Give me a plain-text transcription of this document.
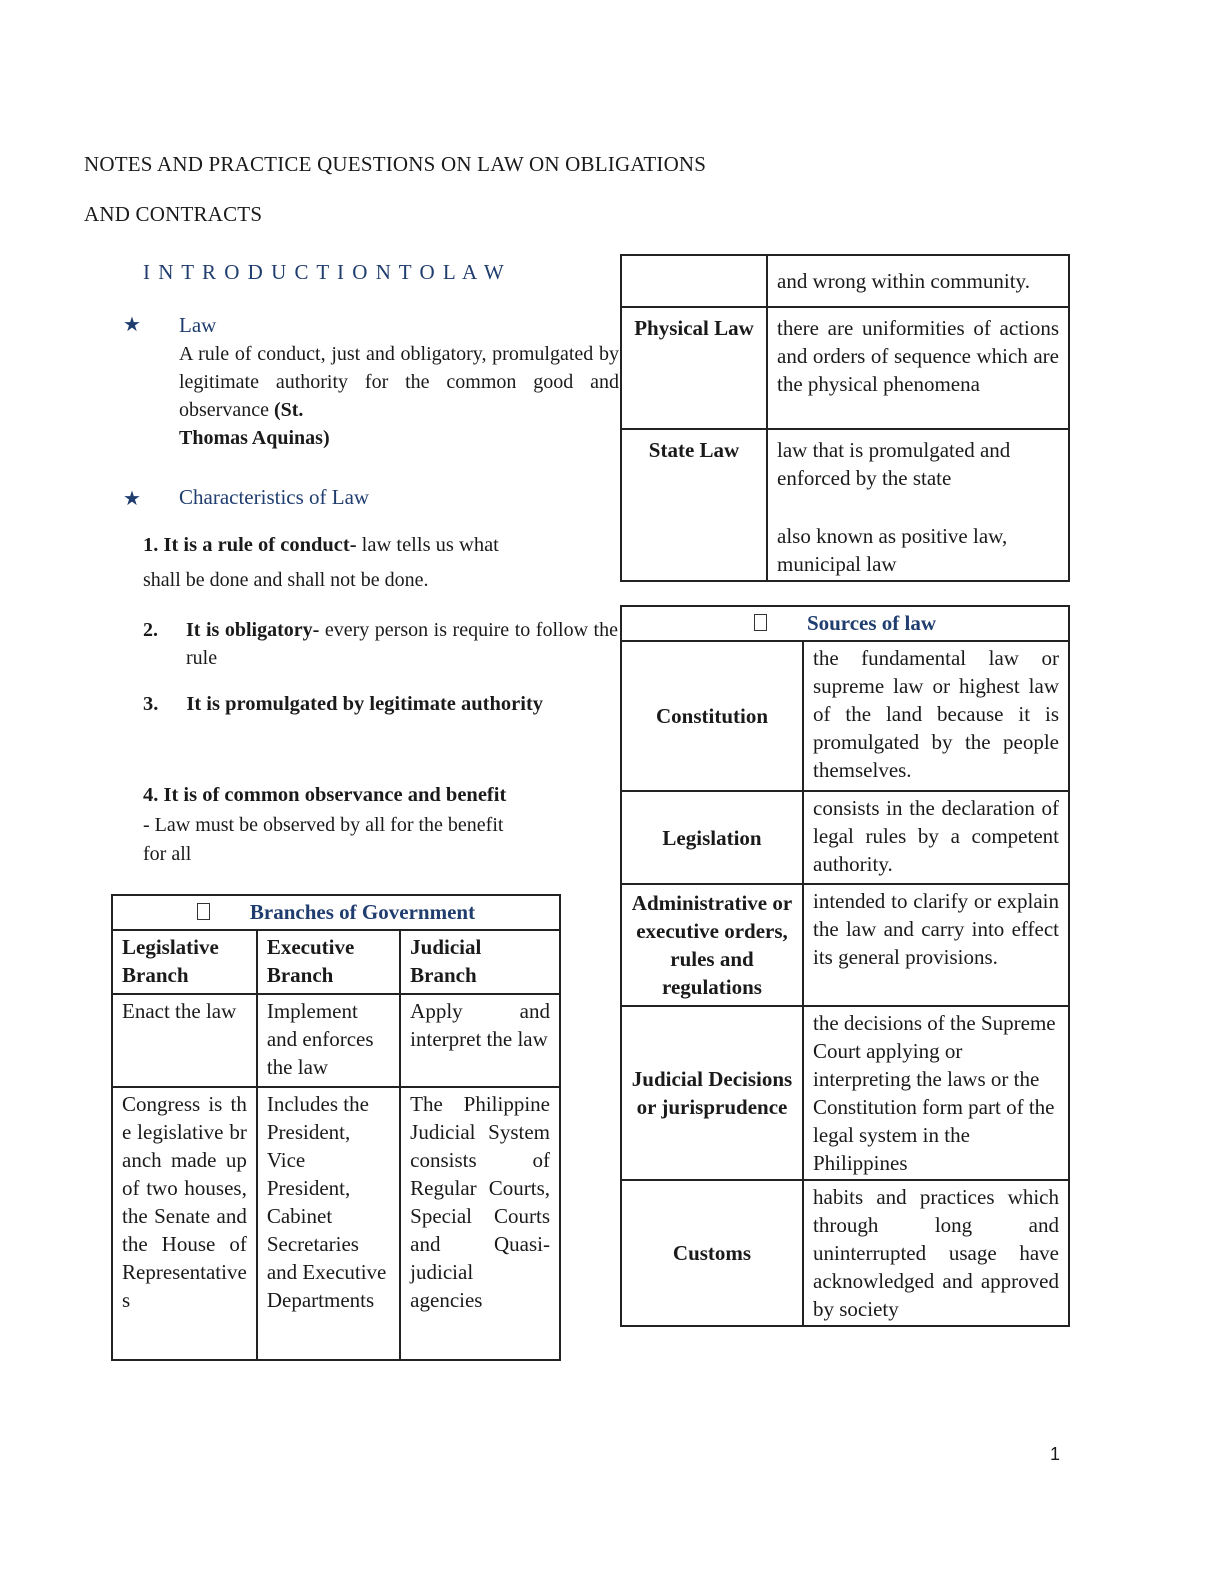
NOTES AND PRACTICE QUESTIONS ON LAW ON OBLIGATIONS
AND CONTRACTS
I N T R O D U C T I O N T O L A W
★ Law
A rule of conduct, just and obligatory, promulgated by legitimate authority for the common good and observance (St.
Thomas Aquinas)
★ Characteristics of Law
1. It is a rule of conduct- law tells us what
shall be done and shall not be done.
2. It is obligatory- every person is require to follow the rule
3. It is promulgated by legitimate authority
4. It is of common observance and benefit
- Law must be observed by all for the benefit
for all
Branches of Government		
Legislative Branch	Executive Branch	Judicial Branch
Enact the law	Implement and enforces the law	Apply and interpret the law
Congress is the legislative branch made up of two houses, the Senate and the House of Representatives	Includes the President, Vice President, Cabinet Secretaries and Executive Departments	The Philippine Judicial System consists of Regular Courts, Special Courts and Quasi-judicial agencies
	and wrong within community.
Physical Law	there are uniformities of actions and orders of sequence which are the physical phenomena
State Law	law that is promulgated and enforced by the state
also known as positive law, municipal law
Sources of law	
Constitution	the fundamental law or supreme law or highest law of the land because it is promulgated by the people themselves.
Legislation	consists in the declaration of legal rules by a competent authority.
Administrative or executive orders, rules and regulations	intended to clarify or explain the law and carry into effect its general provisions.
Judicial Decisions or jurisprudence	the decisions of the Supreme Court applying or interpreting the laws or the Constitution form part of the legal system in the Philippines
Customs	habits and practices which through long and uninterrupted usage have acknowledged and approved by society
1
